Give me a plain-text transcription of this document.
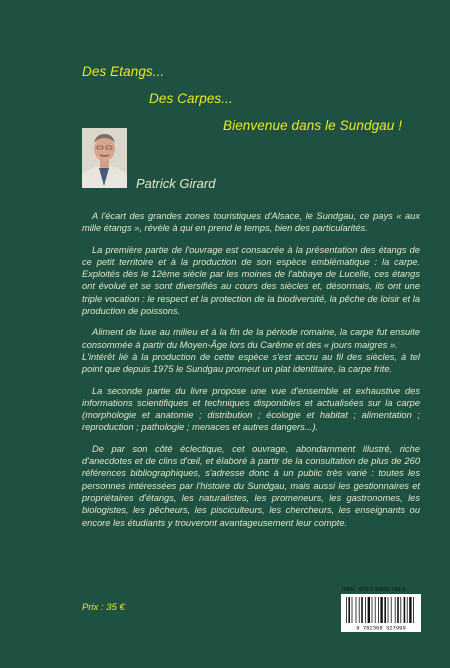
Des Etangs...
Des Carpes...
Bienvenue dans le Sundgau !
Patrick Girard

A l'écart des grandes zones touristiques d'Alsace, le Sundgau, ce pays « aux mille étangs », révèle à qui en prend le temps, bien des particularités.

La première partie de l'ouvrage est consacrée à la présentation des étangs de ce petit territoire et à la production de son espèce emblématique : la carpe. Exploités dès le 12ème siècle par les moines de l'abbaye de Lucelle, ces étangs ont évolué et se sont diversifiés au cours des siècles et, désormais, ils ont une triple vocation : le respect et la protection de la biodiversité, la pêche de loisir et la production de poissons.

Aliment de luxe au milieu et à la fin de la période romaine, la carpe fut ensuite consommée à partir du Moyen-Âge lors du Carême et des « jours maigres ».

L'intérêt lié à la production de cette espèce s'est accru au fil des siècles, à tel point que depuis 1975 le Sundgau promeut un plat identitaire, la carpe frite.

La seconde partie du livre propose une vue d'ensemble et exhaustive des informations scientifiques et techniques disponibles et actualisées sur la carpe (morphologie et anatomie ; distribution ; écologie et habitat ; alimentation ; reproduction ; pathologie ; menaces et autres dangers...).

De par son côté éclectique, cet ouvrage, abondamment illustré, riche d'anecdotes et de clins d'œil, et élaboré à partir de la consultation de plus de 260 références bibliographiques, s'adresse donc à un public très varié : toutes les personnes intéressées par l'histoire du Sundgau, mais aussi les gestionnaires et propriétaires d'étangs, les naturalistes, les promeneurs, les gastronomes, les biologistes, les pêcheurs, les pisciculteurs, les chercheurs, les enseignants ou encore les étudiants y trouveront avantageusement leur compte.

ISBN : 978-2-36832-799-9
9 782368 327999
Prix : 35 €
